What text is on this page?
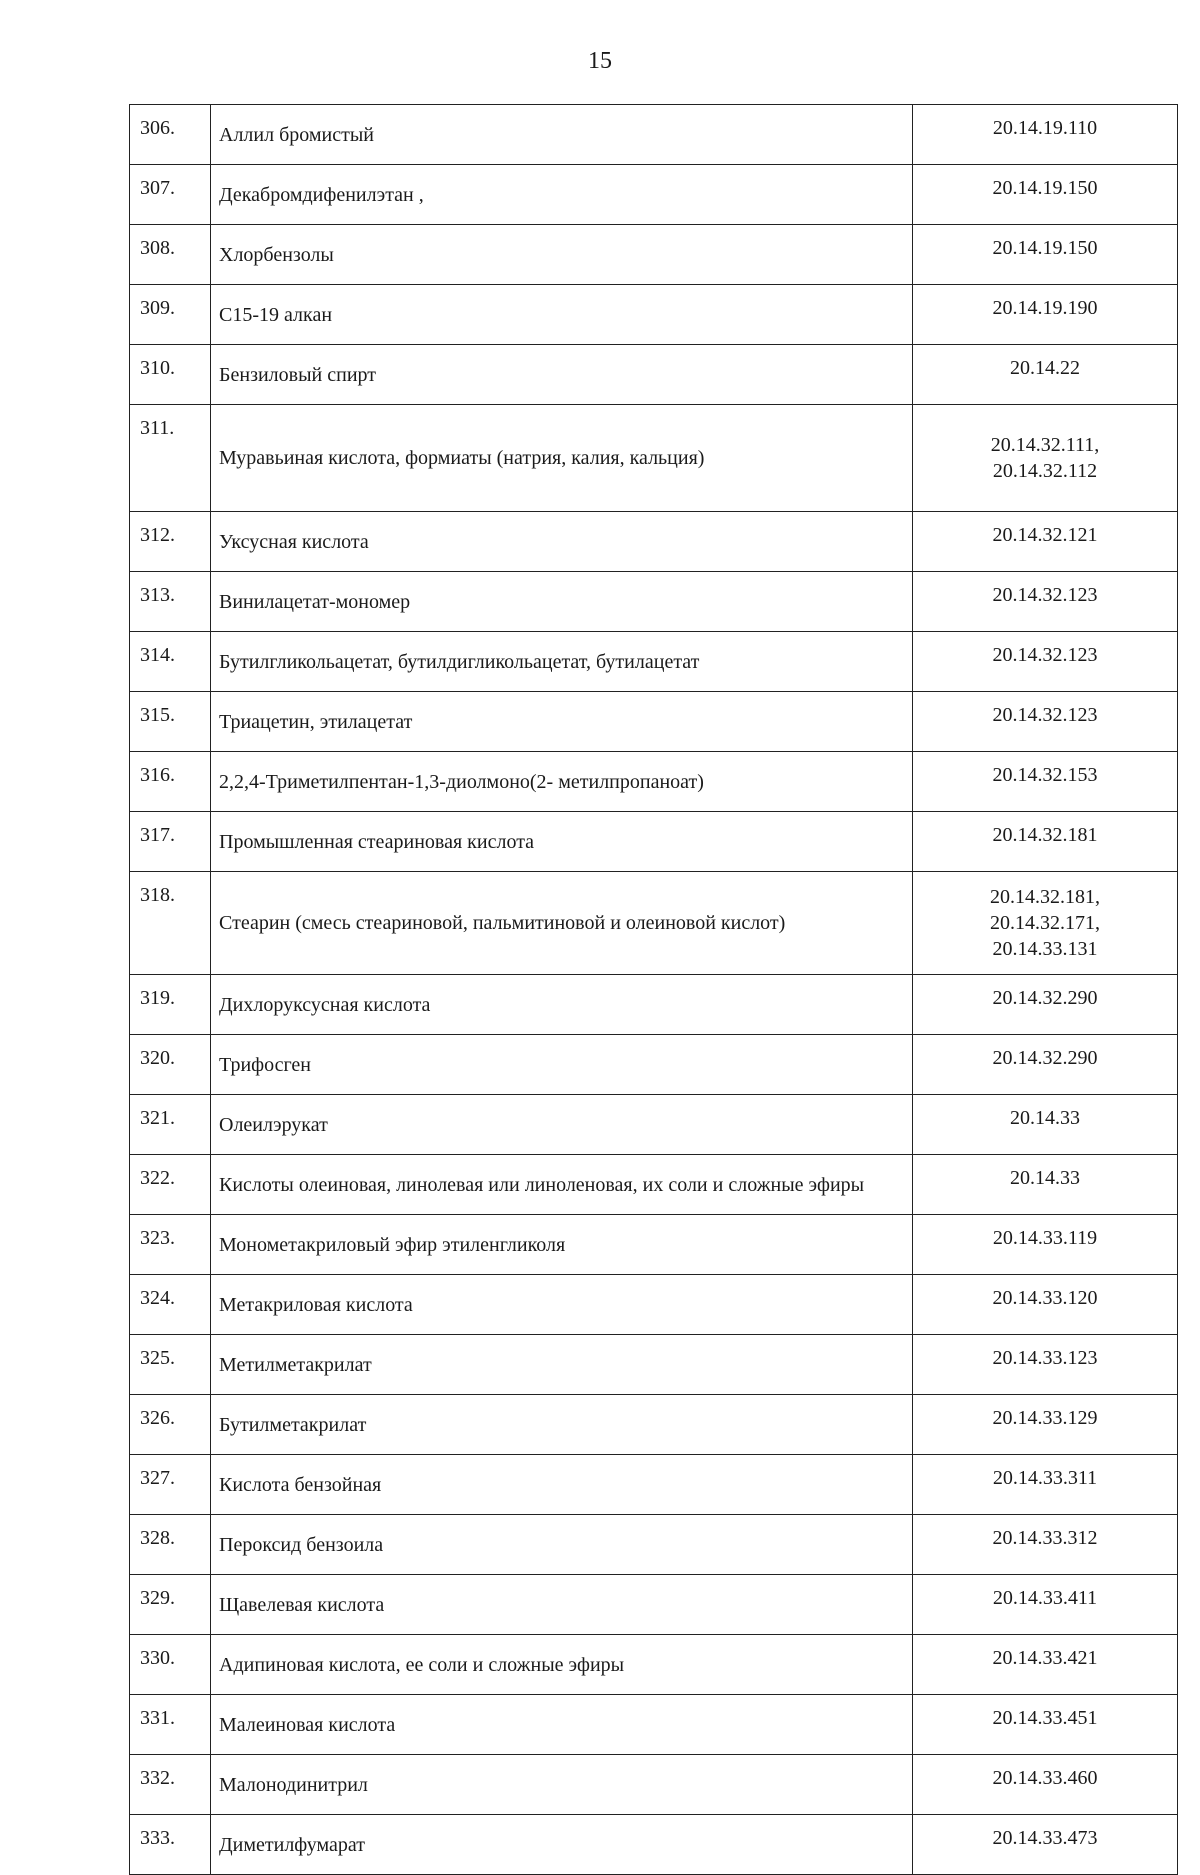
15
306.	Аллил бромистый	20.14.19.110

307.	Декабромдифенилэтан ,	20.14.19.150

308.	Хлорбензолы	20.14.19.150

309.	С15-19 алкан	20.14.19.190

310.	Бензиловый спирт	20.14.22

311.	Муравьиная кислота, формиаты (натрия, калия, кальция)	20.14.32.111,
20.14.32.112

312.	Уксусная кислота	20.14.32.121

313.	Винилацетат-мономер	20.14.32.123

314.	Бутилгликольацетат, бутилдигликольацетат, бутилацетат	20.14.32.123

315.	Триацетин, этилацетат	20.14.32.123

316.	2,2,4-Триметилпентан-1,3-диолмоно(2- метилпропаноат)	20.14.32.153

317.	Промышленная стеариновая кислота	20.14.32.181

318.	Стеарин (смесь стеариновой, пальмитиновой и олеиновой кислот)	20.14.32.181,
20.14.32.171,
20.14.33.131

319.	Дихлоруксусная кислота	20.14.32.290

320.	Трифосген	20.14.32.290

321.	Олеилэрукат	20.14.33

322.	Кислоты олеиновая, линолевая или линоленовая, их соли и сложные эфиры	20.14.33

323.	Монометакриловый эфир этиленгликоля	20.14.33.119

324.	Метакриловая кислота	20.14.33.120

325.	Метилметакрилат	20.14.33.123

326.	Бутилметакрилат	20.14.33.129

327.	Кислота бензойная	20.14.33.311

328.	Пероксид бензоила	20.14.33.312

329.	Щавелевая кислота	20.14.33.411

330.	Адипиновая кислота, ее соли и сложные эфиры	20.14.33.421

331.	Малеиновая кислота	20.14.33.451

332.	Малонодинитрил	20.14.33.460

333.	Диметилфумарат	20.14.33.473
